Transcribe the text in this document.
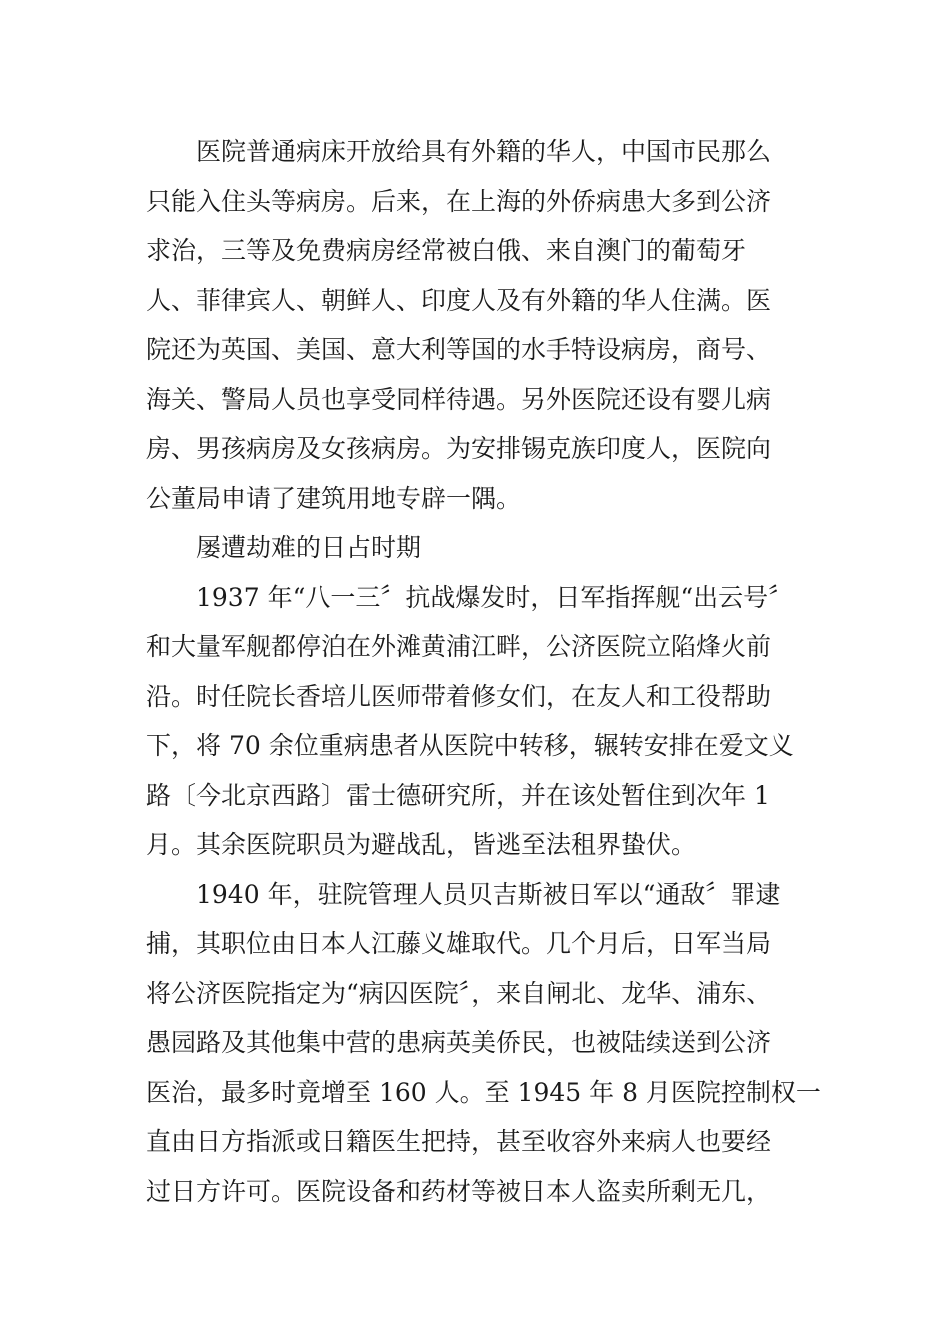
医院普通病床开放给具有外籍的华人，中国市民那么
只能入住头等病房。后来，在上海的外侨病患大多到公济
求治，三等及免费病房经常被白俄、来自澳门的葡萄牙
人、菲律宾人、朝鲜人、印度人及有外籍的华人住满。医
院还为英国、美国、意大利等国的水手特设病房，商号、
海关、警局人员也享受同样待遇。另外医院还设有婴儿病
房、男孩病房及女孩病房。为安排锡克族印度人，医院向
公董局申请了建筑用地专辟一隅。
屡遭劫难的日占时期
1937 年“八一三〞抗战爆发时，日军指挥舰“出云号〞
和大量军舰都停泊在外滩黄浦江畔，公济医院立陷烽火前
沿。时任院长香培儿医师带着修女们，在友人和工役帮助
下，将 70 余位重病患者从医院中转移，辗转安排在爱文义
路〔今北京西路〕雷士德研究所，并在该处暂住到次年 1
月。其余医院职员为避战乱，皆逃至法租界蛰伏。
1940 年，驻院管理人员贝吉斯被日军以“通敌〞罪逮
捕，其职位由日本人江藤义雄取代。几个月后，日军当局
将公济医院指定为“病囚医院〞，来自闸北、龙华、浦东、
愚园路及其他集中营的患病英美侨民，也被陆续送到公济
医治，最多时竟增至 160 人。至 1945 年 8 月医院控制权一
直由日方指派或日籍医生把持，甚至收容外来病人也要经
过日方许可。医院设备和药材等被日本人盗卖所剩无几，
